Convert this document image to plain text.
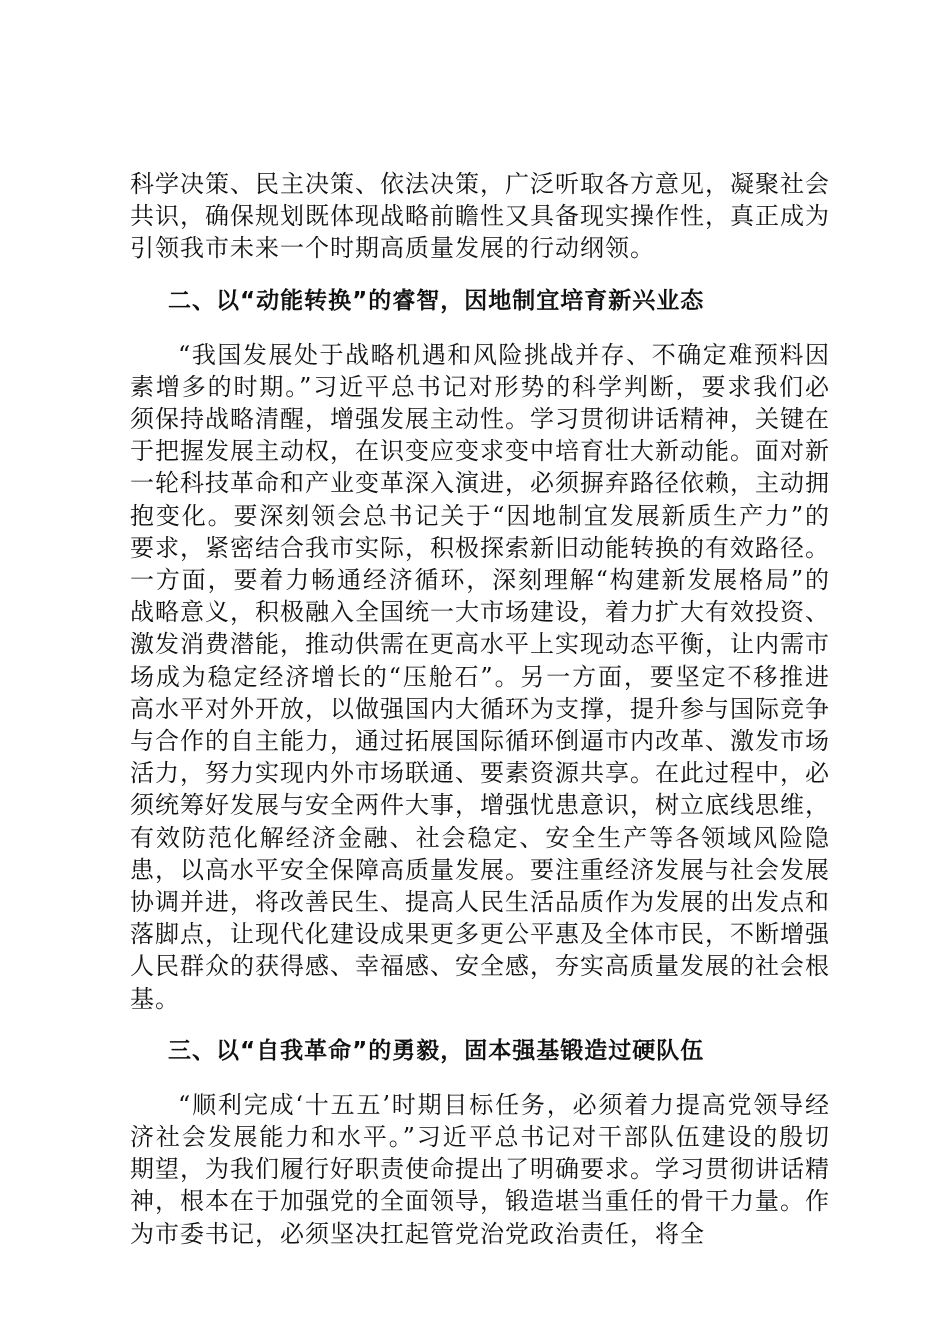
科学决策、民主决策、依法决策，广泛听取各方意见，凝聚社会共识，确保规划既体现战略前瞻性又具备现实操作性，真正成为引领我市未来一个时期高质量发展的行动纲领。

二、以“动能转换”的睿智，因地制宜培育新兴业态

“我国发展处于战略机遇和风险挑战并存、不确定难预料因素增多的时期。”习近平总书记对形势的科学判断，要求我们必须保持战略清醒，增强发展主动性。学习贯彻讲话精神，关键在于把握发展主动权，在识变应变求变中培育壮大新动能。面对新一轮科技革命和产业变革深入演进，必须摒弃路径依赖，主动拥抱变化。要深刻领会总书记关于“因地制宜发展新质生产力”的要求，紧密结合我市实际，积极探索新旧动能转换的有效路径。一方面，要着力畅通经济循环，深刻理解“构建新发展格局”的战略意义，积极融入全国统一大市场建设，着力扩大有效投资、激发消费潜能，推动供需在更高水平上实现动态平衡，让内需市场成为稳定经济增长的“压舱石”。另一方面，要坚定不移推进高水平对外开放，以做强国内大循环为支撑，提升参与国际竞争与合作的自主能力，通过拓展国际循环倒逼市内改革、激发市场活力，努力实现内外市场联通、要素资源共享。在此过程中，必须统筹好发展与安全两件大事，增强忧患意识，树立底线思维，有效防范化解经济金融、社会稳定、安全生产等各领域风险隐患，以高水平安全保障高质量发展。要注重经济发展与社会发展协调并进，将改善民生、提高人民生活品质作为发展的出发点和落脚点，让现代化建设成果更多更公平惠及全体市民，不断增强人民群众的获得感、幸福感、安全感，夯实高质量发展的社会根基。

三、以“自我革命”的勇毅，固本强基锻造过硬队伍

“顺利完成‘十五五’时期目标任务，必须着力提高党领导经济社会发展能力和水平。”习近平总书记对干部队伍建设的殷切期望，为我们履行好职责使命提出了明确要求。学习贯彻讲话精神，根本在于加强党的全面领导，锻造堪当重任的骨干力量。作为市委书记，必须坚决扛起管党治党政治责任，将全
